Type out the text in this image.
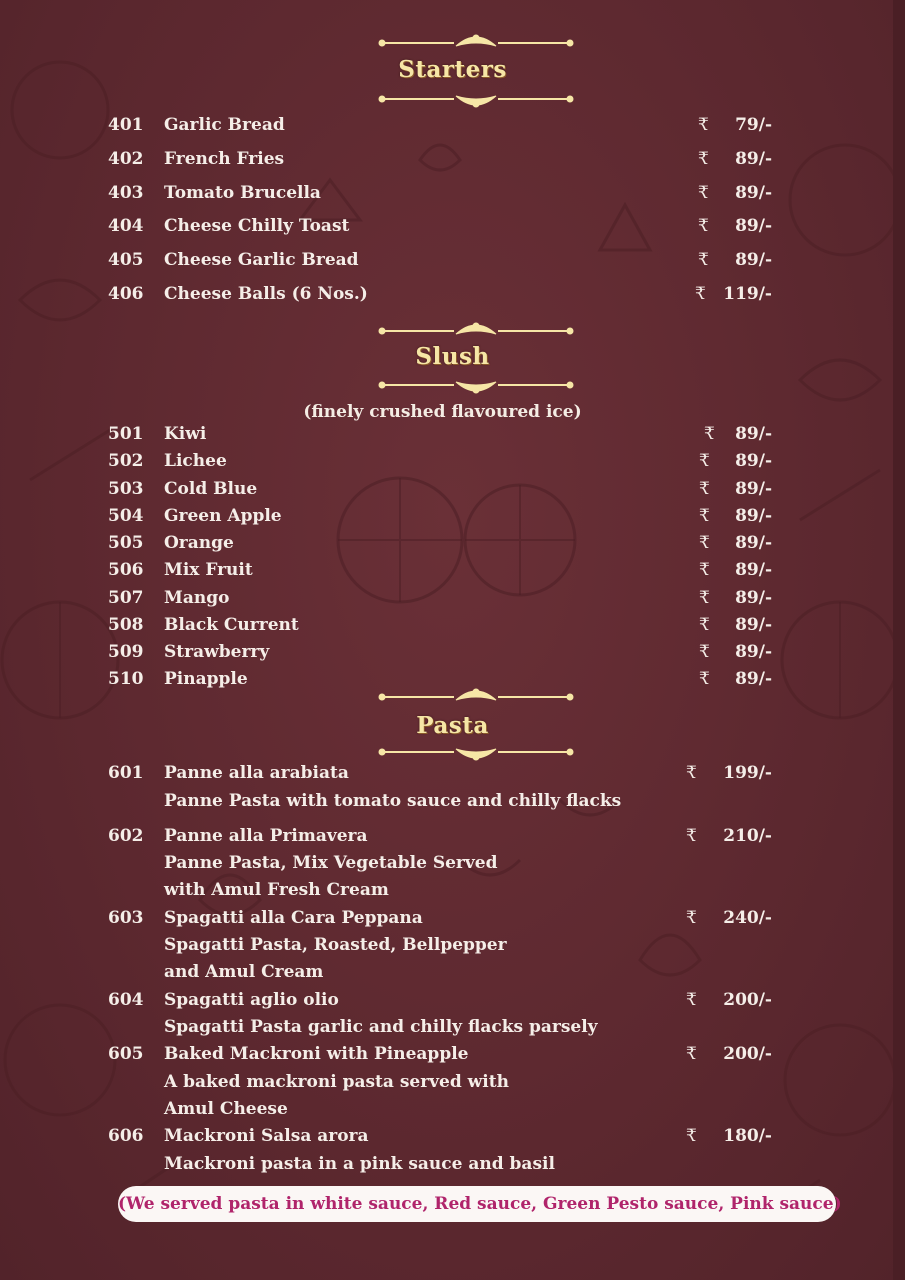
Starters
401 Garlic Bread	₹ 79/-
402 French Fries	₹ 89/-
403 Tomato Brucella	₹ 89/-
404 Cheese Chilly Toast	₹ 89/-
405 Cheese Garlic Bread	₹ 89/-
406 Cheese Balls (6 Nos.)	₹ 119/-
Slush
(finely crushed flavoured ice)
501 Kiwi	₹ 89/-
502 Lichee	₹ 89/-
503 Cold Blue	₹ 89/-
504 Green Apple	₹ 89/-
505 Orange	₹ 89/-
506 Mix Fruit	₹ 89/-
507 Mango	₹ 89/-
508 Black Current	₹ 89/-
509 Strawberry	₹ 89/-
510 Pinapple	₹ 89/-
Pasta
601 Panne alla arabiata	₹ 199/-
Panne Pasta with tomato sauce and chilly flacks
602 Panne alla Primavera	₹ 210/-
Panne Pasta, Mix Vegetable Served
with Amul Fresh Cream
603 Spagatti alla Cara Peppana	₹ 240/-
Spagatti Pasta, Roasted, Bellpepper
and Amul Cream
604 Spagatti aglio olio	₹ 200/-
Spagatti Pasta garlic and chilly flacks parsely
605 Baked Mackroni with Pineapple	₹ 200/-
A baked mackroni pasta served with
Amul Cheese
606 Mackroni Salsa arora	₹ 180/-
Mackroni pasta in a pink sauce and basil
(We served pasta in white sauce, Red sauce, Green Pesto sauce, Pink sauce)
